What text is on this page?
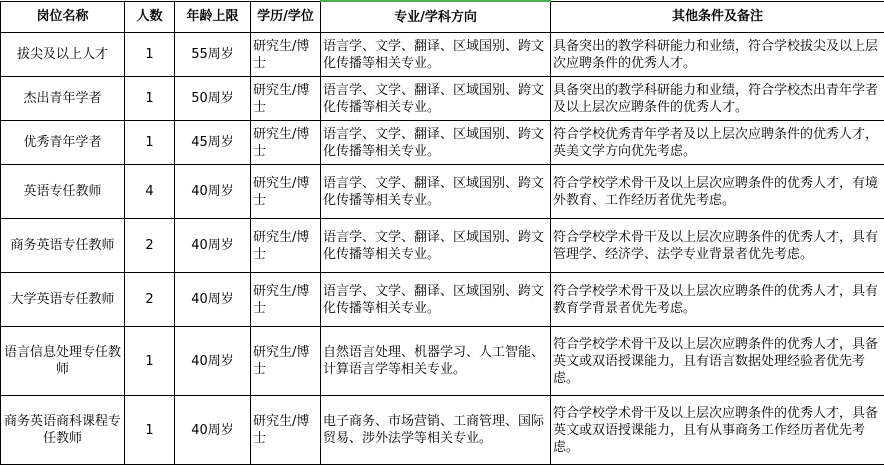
岗位名称	人数	年龄上限	学历/学位	专业/学科方向	其他条件及备注
拔尖及以上人才	1	55周岁	研究生/博士	语言学、文学、翻译、区域国别、跨文化传播等相关专业。	具备突出的教学科研能力和业绩，符合学校拔尖及以上层次应聘条件的优秀人才。
杰出青年学者	1	50周岁	研究生/博士	语言学、文学、翻译、区域国别、跨文化传播等相关专业。	具备突出的教学科研能力和业绩，符合学校杰出青年学者及以上层次应聘条件的优秀人才。
优秀青年学者	1	45周岁	研究生/博士	语言学、文学、翻译、区域国别、跨文化传播等相关专业。	符合学校优秀青年学者及以上层次应聘条件的优秀人才，英美文学方向优先考虑。
英语专任教师	4	40周岁	研究生/博士	语言学、文学、翻译、区域国别、跨文化传播等相关专业。	符合学校学术骨干及以上层次应聘条件的优秀人才，有境外教育、工作经历者优先考虑。
商务英语专任教师	2	40周岁	研究生/博士	语言学、文学、翻译、区域国别、跨文化传播等相关专业。	符合学校学术骨干及以上层次应聘条件的优秀人才，具有管理学、经济学、法学专业背景者优先考虑。
大学英语专任教师	2	40周岁	研究生/博士	语言学、文学、翻译、区域国别、跨文化传播等相关专业。	符合学校学术骨干及以上层次应聘条件的优秀人才，具有教育学背景者优先考虑。
语言信息处理专任教师	1	40周岁	研究生/博士	自然语言处理、机器学习、人工智能、计算语言学等相关专业。	符合学校学术骨干及以上层次应聘条件的优秀人才，具备英文或双语授课能力，且有语言数据处理经验者优先考虑。
商务英语商科课程专任教师	1	40周岁	研究生/博士	电子商务、市场营销、工商管理、国际贸易、涉外法学等相关专业。	符合学校学术骨干及以上层次应聘条件的优秀人才，具备英文或双语授课能力，且有从事商务工作经历者优先考虑。
